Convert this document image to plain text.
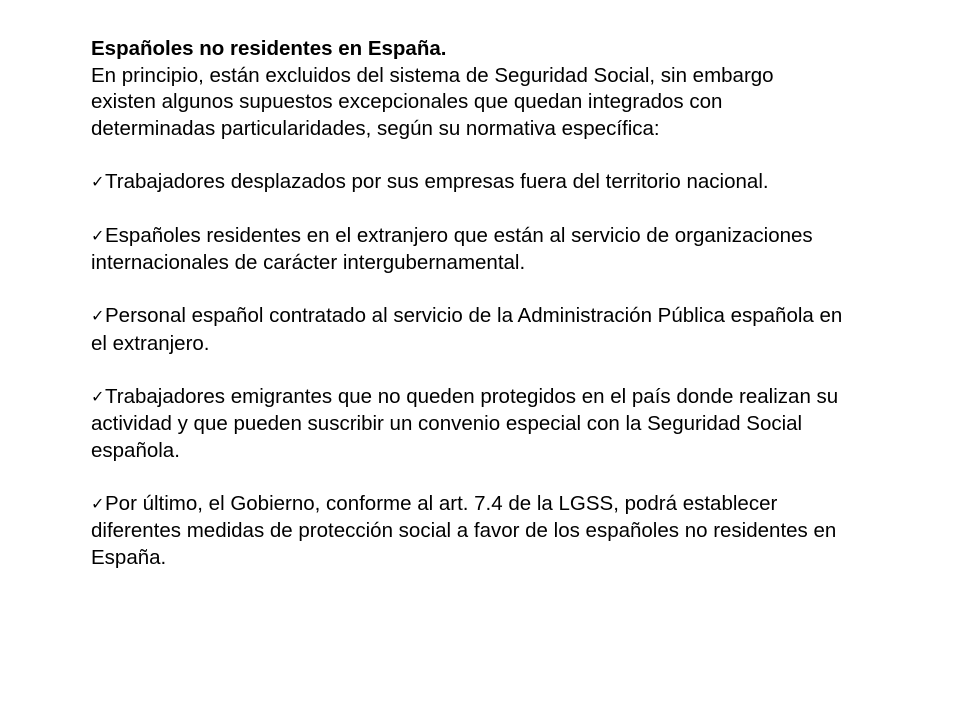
Españoles no residentes en España.

En principio, están excluidos del sistema de Seguridad Social, sin embargo existen algunos supuestos excepcionales que quedan integrados con determinadas particularidades, según su normativa específica:

✓Trabajadores desplazados por sus empresas fuera del territorio nacional.
✓Españoles residentes en el extranjero que están al servicio de organizaciones internacionales de carácter intergubernamental.
✓Personal español contratado al servicio de la Administración Pública española en el extranjero.
✓Trabajadores emigrantes que no queden protegidos en el país donde realizan su actividad y que pueden suscribir un convenio especial con la Seguridad Social española.
✓Por último, el Gobierno, conforme al art. 7.4 de la LGSS, podrá establecer diferentes medidas de protección social a favor de los españoles no residentes en España.
